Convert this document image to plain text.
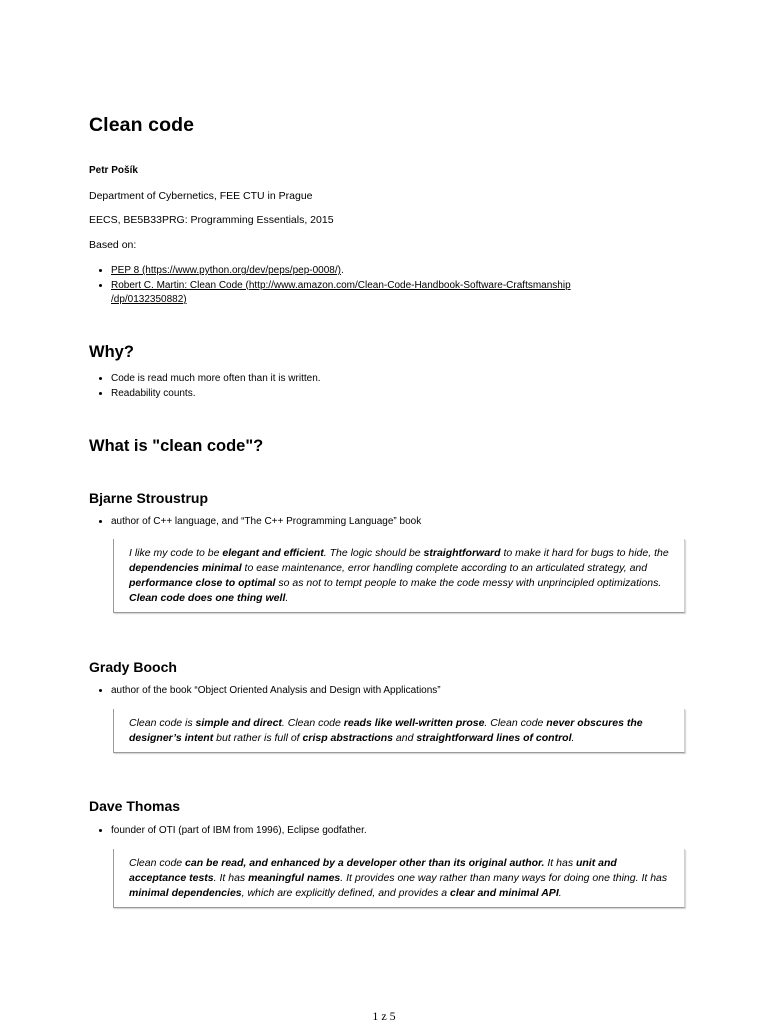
Clean code
Petr Pošík
Department of Cybernetics, FEE CTU in Prague
EECS, BE5B33PRG: Programming Essentials, 2015
Based on:
• PEP 8 (https://www.python.org/dev/peps/pep-0008/).
• Robert C. Martin: Clean Code (http://www.amazon.com/Clean-Code-Handbook-Software-Craftsmanship
/dp/0132350882)
Why?
• Code is read much more often than it is written.
• Readability counts.
What is "clean code"?
Bjarne Stroustrup
• author of C++ language, and “The C++ Programming Language” book
I like my code to be elegant and efficient. The logic should be straightforward to make it hard for bugs to hide, the dependencies minimal to ease maintenance, error handling complete according to an articulated strategy, and performance close to optimal so as not to tempt people to make the code messy with unprincipled optimizations. Clean code does one thing well.
Grady Booch
• author of the book “Object Oriented Analysis and Design with Applications”
Clean code is simple and direct. Clean code reads like well-written prose. Clean code never obscures the designer’s intent but rather is full of crisp abstractions and straightforward lines of control.
Dave Thomas
• founder of OTI (part of IBM from 1996), Eclipse godfather.
Clean code can be read, and enhanced by a developer other than its original author. It has unit and acceptance tests. It has meaningful names. It provides one way rather than many ways for doing one thing. It has minimal dependencies, which are explicitly defined, and provides a clear and minimal API.
1 z 5
